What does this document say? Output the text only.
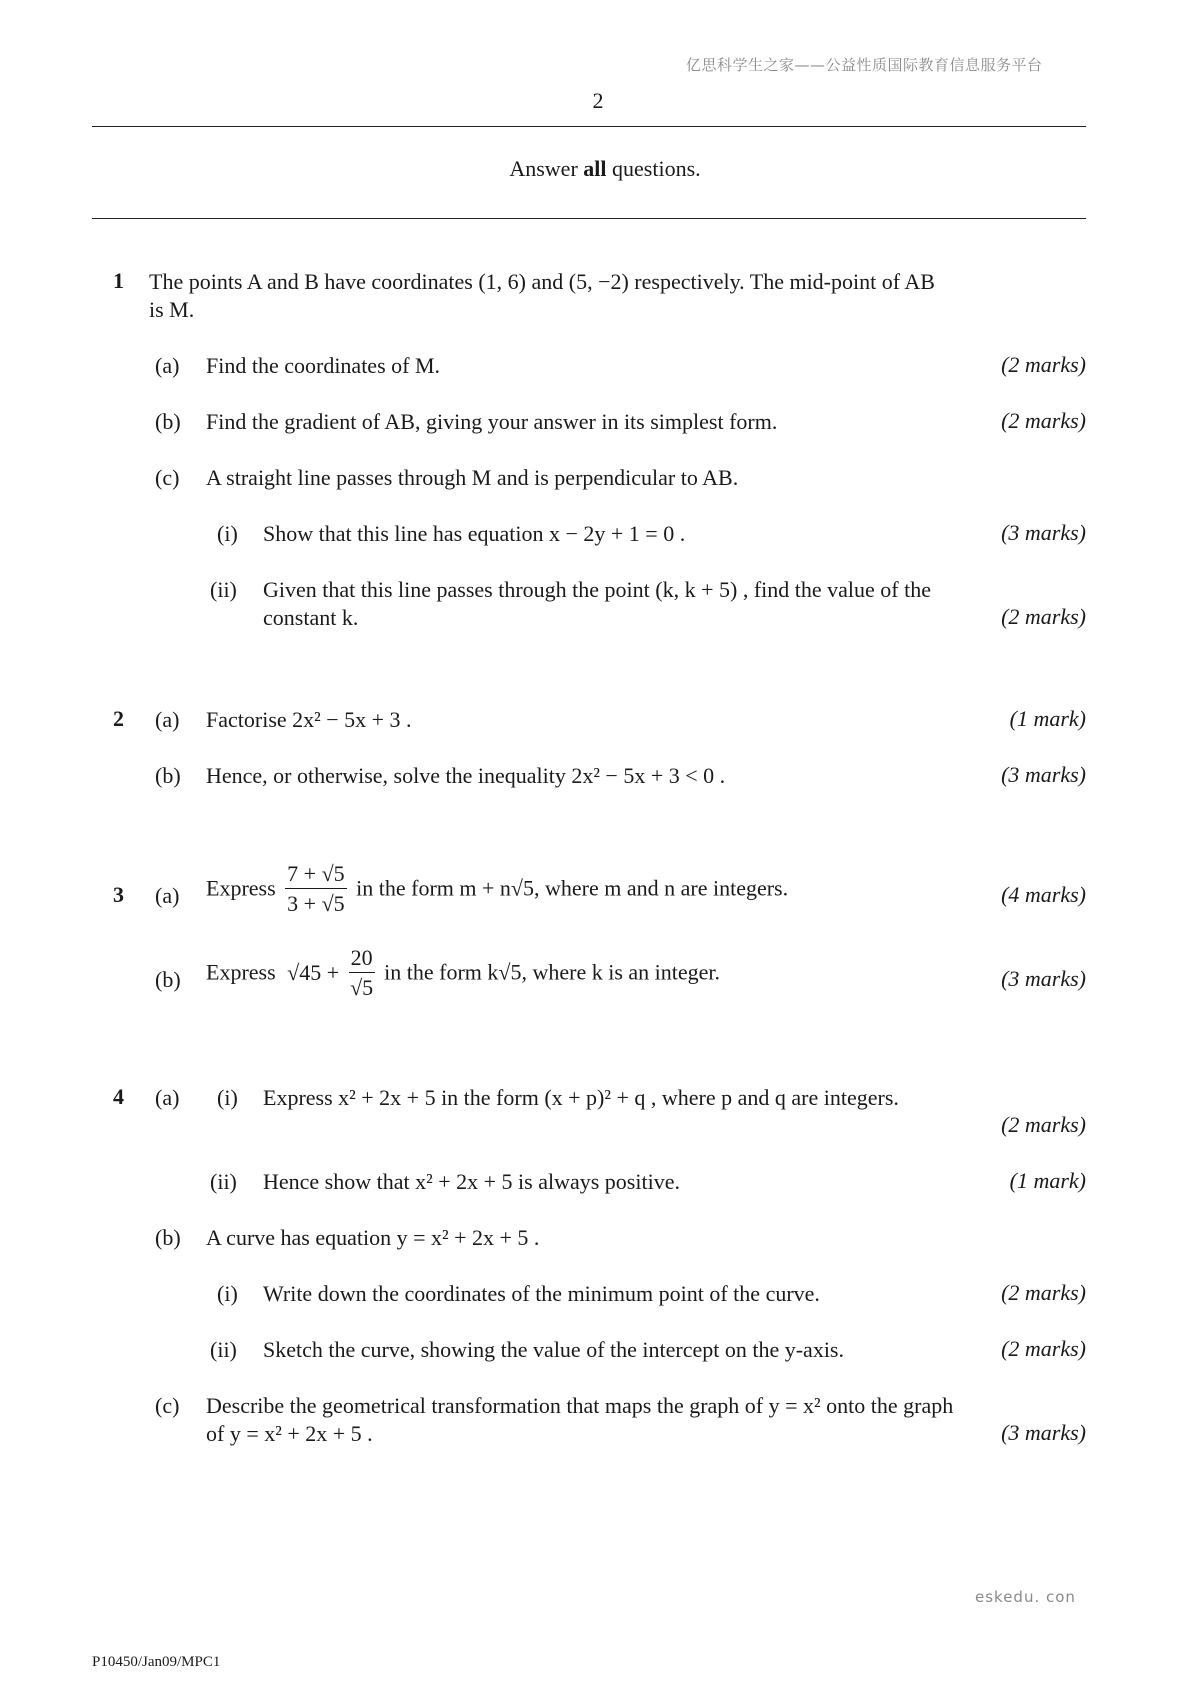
亿思科学生之家——公益性质国际教育信息服务平台
2
Answer all questions.
1 The points A and B have coordinates (1, 6) and (5, −2) respectively. The mid-point of AB
is M.
(a) Find the coordinates of M.	(2 marks)
(b) Find the gradient of AB, giving your answer in its simplest form.	(2 marks)
(c) A straight line passes through M and is perpendicular to AB.
(i) Show that this line has equation x − 2y + 1 = 0 .	(3 marks)
(ii) Given that this line passes through the point (k, k + 5) , find the value of the
constant k.	(2 marks)
2 (a) Factorise 2x² − 5x + 3 .	(1 mark)
(b) Hence, or otherwise, solve the inequality 2x² − 5x + 3 < 0 .	(3 marks)
3 (a) Express $\frac{7 + √5}{3 + √5}$ in the form m + n√5, where m and n are integers.	(4 marks)
(b) Express $√45 + \frac{20}{√5}$ in the form k√5, where k is an integer.	(3 marks)
4 (a) (i) Express x² + 2x + 5 in the form (x + p)² + q , where p and q are integers.
(2 marks)
(ii) Hence show that x² + 2x + 5 is always positive.	(1 mark)
(b) A curve has equation y = x² + 2x + 5 .
(i) Write down the coordinates of the minimum point of the curve.	(2 marks)
(ii) Sketch the curve, showing the value of the intercept on the y-axis.	(2 marks)
(c) Describe the geometrical transformation that maps the graph of y = x² onto the graph
of y = x² + 2x + 5 .	(3 marks)
eskedu. con
P10450/Jan09/MPC1
